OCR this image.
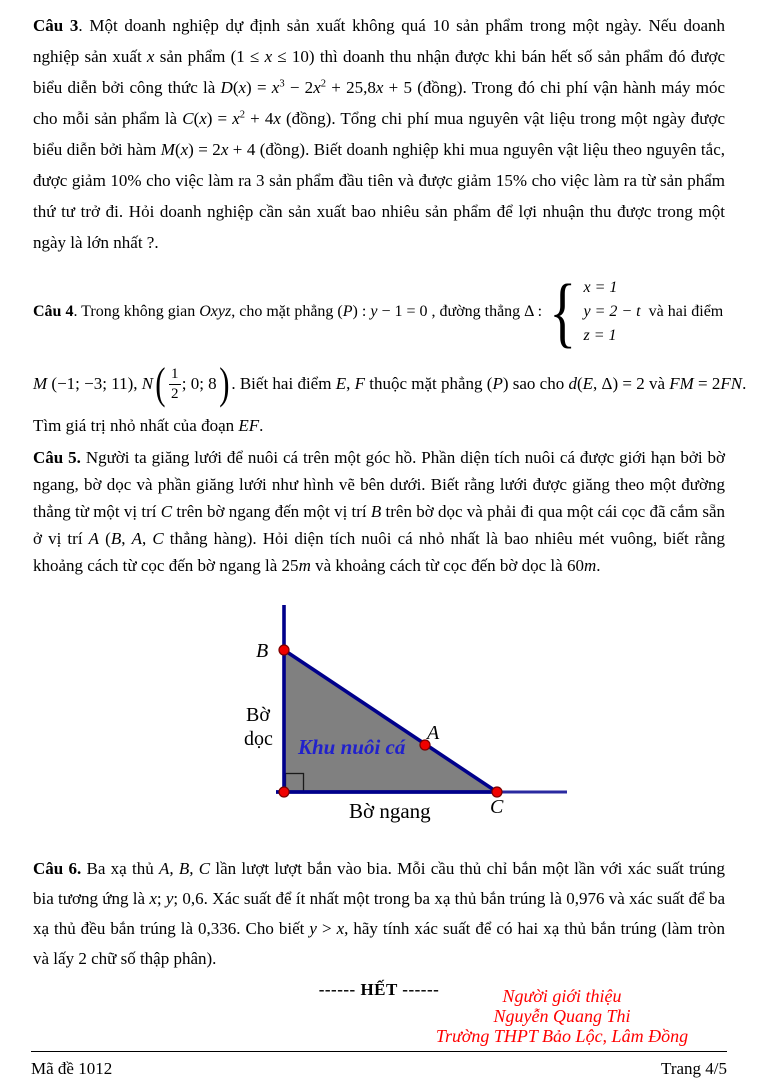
Câu 3. Một doanh nghiệp dự định sản xuất không quá 10 sản phẩm trong một ngày. Nếu doanh nghiệp sản xuất x sản phẩm (1 ≤ x ≤ 10) thì doanh thu nhận được khi bán hết số sản phẩm đó được biểu diễn bởi công thức là $D(x) = x^3 - 2x^2 + 25,8x + 5$ (đồng). Trong đó chi phí vận hành máy móc cho mỗi sản phẩm là $C(x) = x^2 + 4x$ (đồng). Tổng chi phí mua nguyên vật liệu trong một ngày được biểu diễn bởi hàm M(x) = 2x + 4 (đồng). Biết doanh nghiệp khi mua nguyên vật liệu theo nguyên tắc, được giảm 10% cho việc làm ra 3 sản phẩm đầu tiên và được giảm 15% cho việc làm ra từ sản phẩm thứ tư trở đi. Hỏi doanh nghiệp cần sản xuất bao nhiêu sản phẩm để lợi nhuận thu được trong một ngày là lớn nhất ?.
Câu 4. Trong không gian Oxyz, cho mặt phẳng (P) : y − 1 = 0 , đường thẳng Δ : { x = 1
y = 2 − t
z = 1
và hai điểm
M (−1; −3; 11), N ( $\frac{1}{2}$ ; 0; 8 ) . Biết hai điểm E, F thuộc mặt phẳng (P) sao cho d(E, Δ) = 2 và FM = 2FN.
Tìm giá trị nhỏ nhất của đoạn EF.
Câu 5. Người ta giăng lưới để nuôi cá trên một góc hồ. Phần diện tích nuôi cá được giới hạn bởi bờ ngang, bờ dọc và phần giăng lưới như hình vẽ bên dưới. Biết rằng lưới được giăng theo một đường thẳng từ một vị trí C trên bờ ngang đến một vị trí B trên bờ dọc và phải đi qua một cái cọc đã cắm sẵn ở vị trí A (B, A, C thẳng hàng). Hỏi diện tích nuôi cá nhỏ nhất là bao nhiêu mét vuông, biết rằng khoảng cách từ cọc đến bờ ngang là 25m và khoảng cách từ cọc đến bờ dọc là 60m.
B
A
C
Bờ
dọc Khu nuôi cá
Bờ ngang
Câu 6. Ba xạ thủ A, B, C lần lượt lượt bắn vào bia. Mỗi cầu thủ chỉ bắn một lần với xác suất trúng bia tương ứng là x; y; 0,6. Xác suất để ít nhất một trong ba xạ thủ bắn trúng là 0,976 và xác suất để ba xạ thủ đều bắn trúng là 0,336. Cho biết y > x, hãy tính xác suất để có hai xạ thủ bắn trúng (làm tròn và lấy 2 chữ số thập phân).
------ HẾT ------	Người giới thiệu
Nguyễn Quang Thi
Trường THPT Bảo Lộc, Lâm Đồng
Mã đề 1012	Trang 4/5
